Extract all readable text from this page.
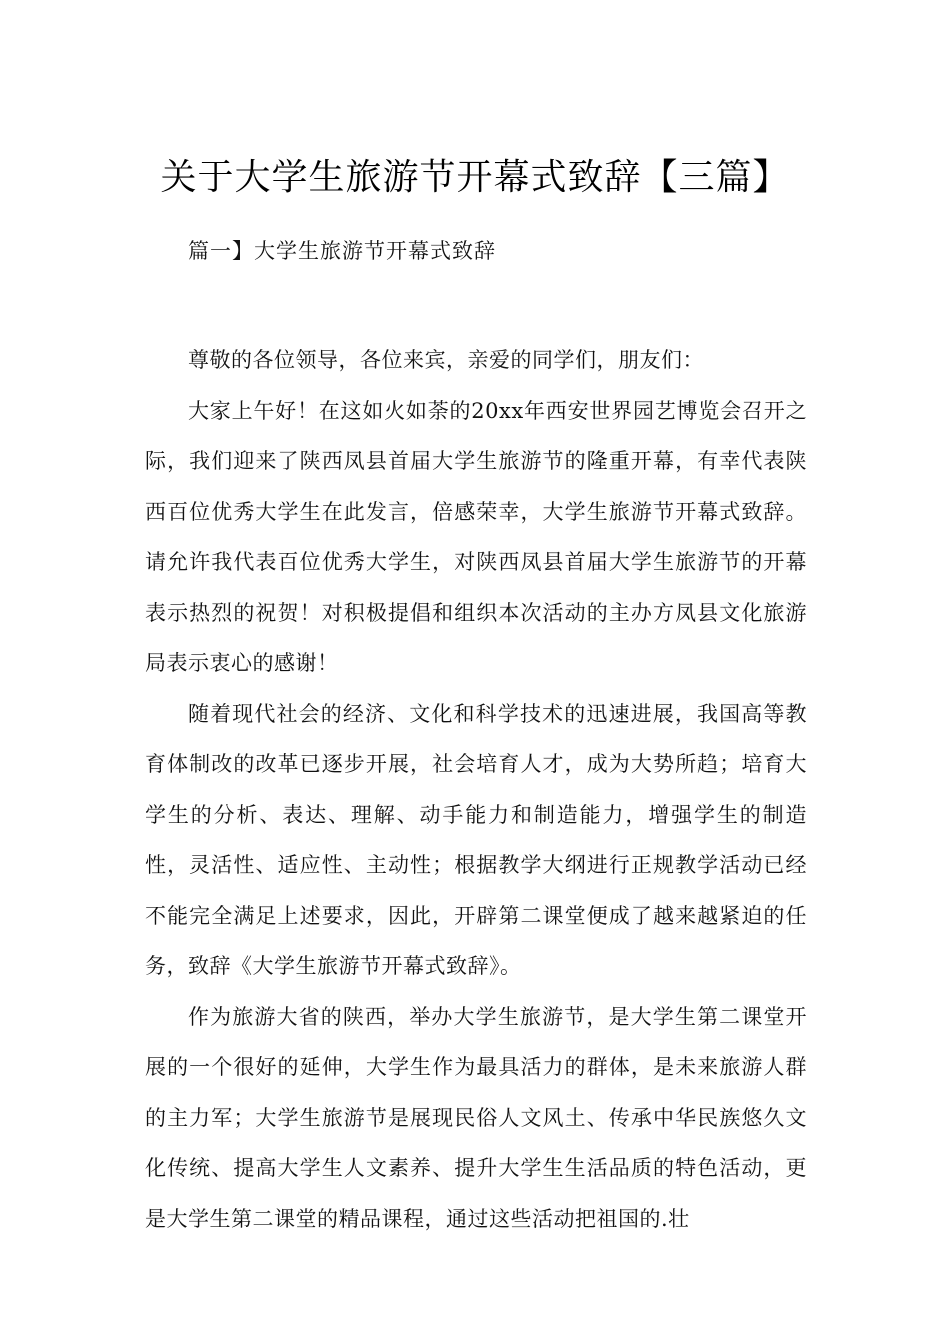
关于大学生旅游节开幕式致辞【三篇】
篇一】大学生旅游节开幕式致辞

尊敬的各位领导，各位来宾，亲爱的同学们，朋友们：

大家上午好！在这如火如荼的20xx年西安世界园艺博览会召开之际，我们迎来了陕西凤县首届大学生旅游节的隆重开幕，有幸代表陕西百位优秀大学生在此发言，倍感荣幸，大学生旅游节开幕式致辞。请允许我代表百位优秀大学生，对陕西凤县首届大学生旅游节的开幕表示热烈的祝贺！对积极提倡和组织本次活动的主办方凤县文化旅游局表示衷心的感谢！

随着现代社会的经济、文化和科学技术的迅速进展，我国高等教育体制改的改革已逐步开展，社会培育人才，成为大势所趋；培育大学生的分析、表达、理解、动手能力和制造能力，增强学生的制造性，灵活性、适应性、主动性；根据教学大纲进行正规教学活动已经不能完全满足上述要求，因此，开辟第二课堂便成了越来越紧迫的任务，致辞《大学生旅游节开幕式致辞》。

作为旅游大省的陕西，举办大学生旅游节，是大学生第二课堂开展的一个很好的延伸，大学生作为最具活力的群体，是未来旅游人群的主力军；大学生旅游节是展现民俗人文风土、传承中华民族悠久文化传统、提高大学生人文素养、提升大学生生活品质的特色活动，更是大学生第二课堂的精品课程，通过这些活动把祖国的.壮
